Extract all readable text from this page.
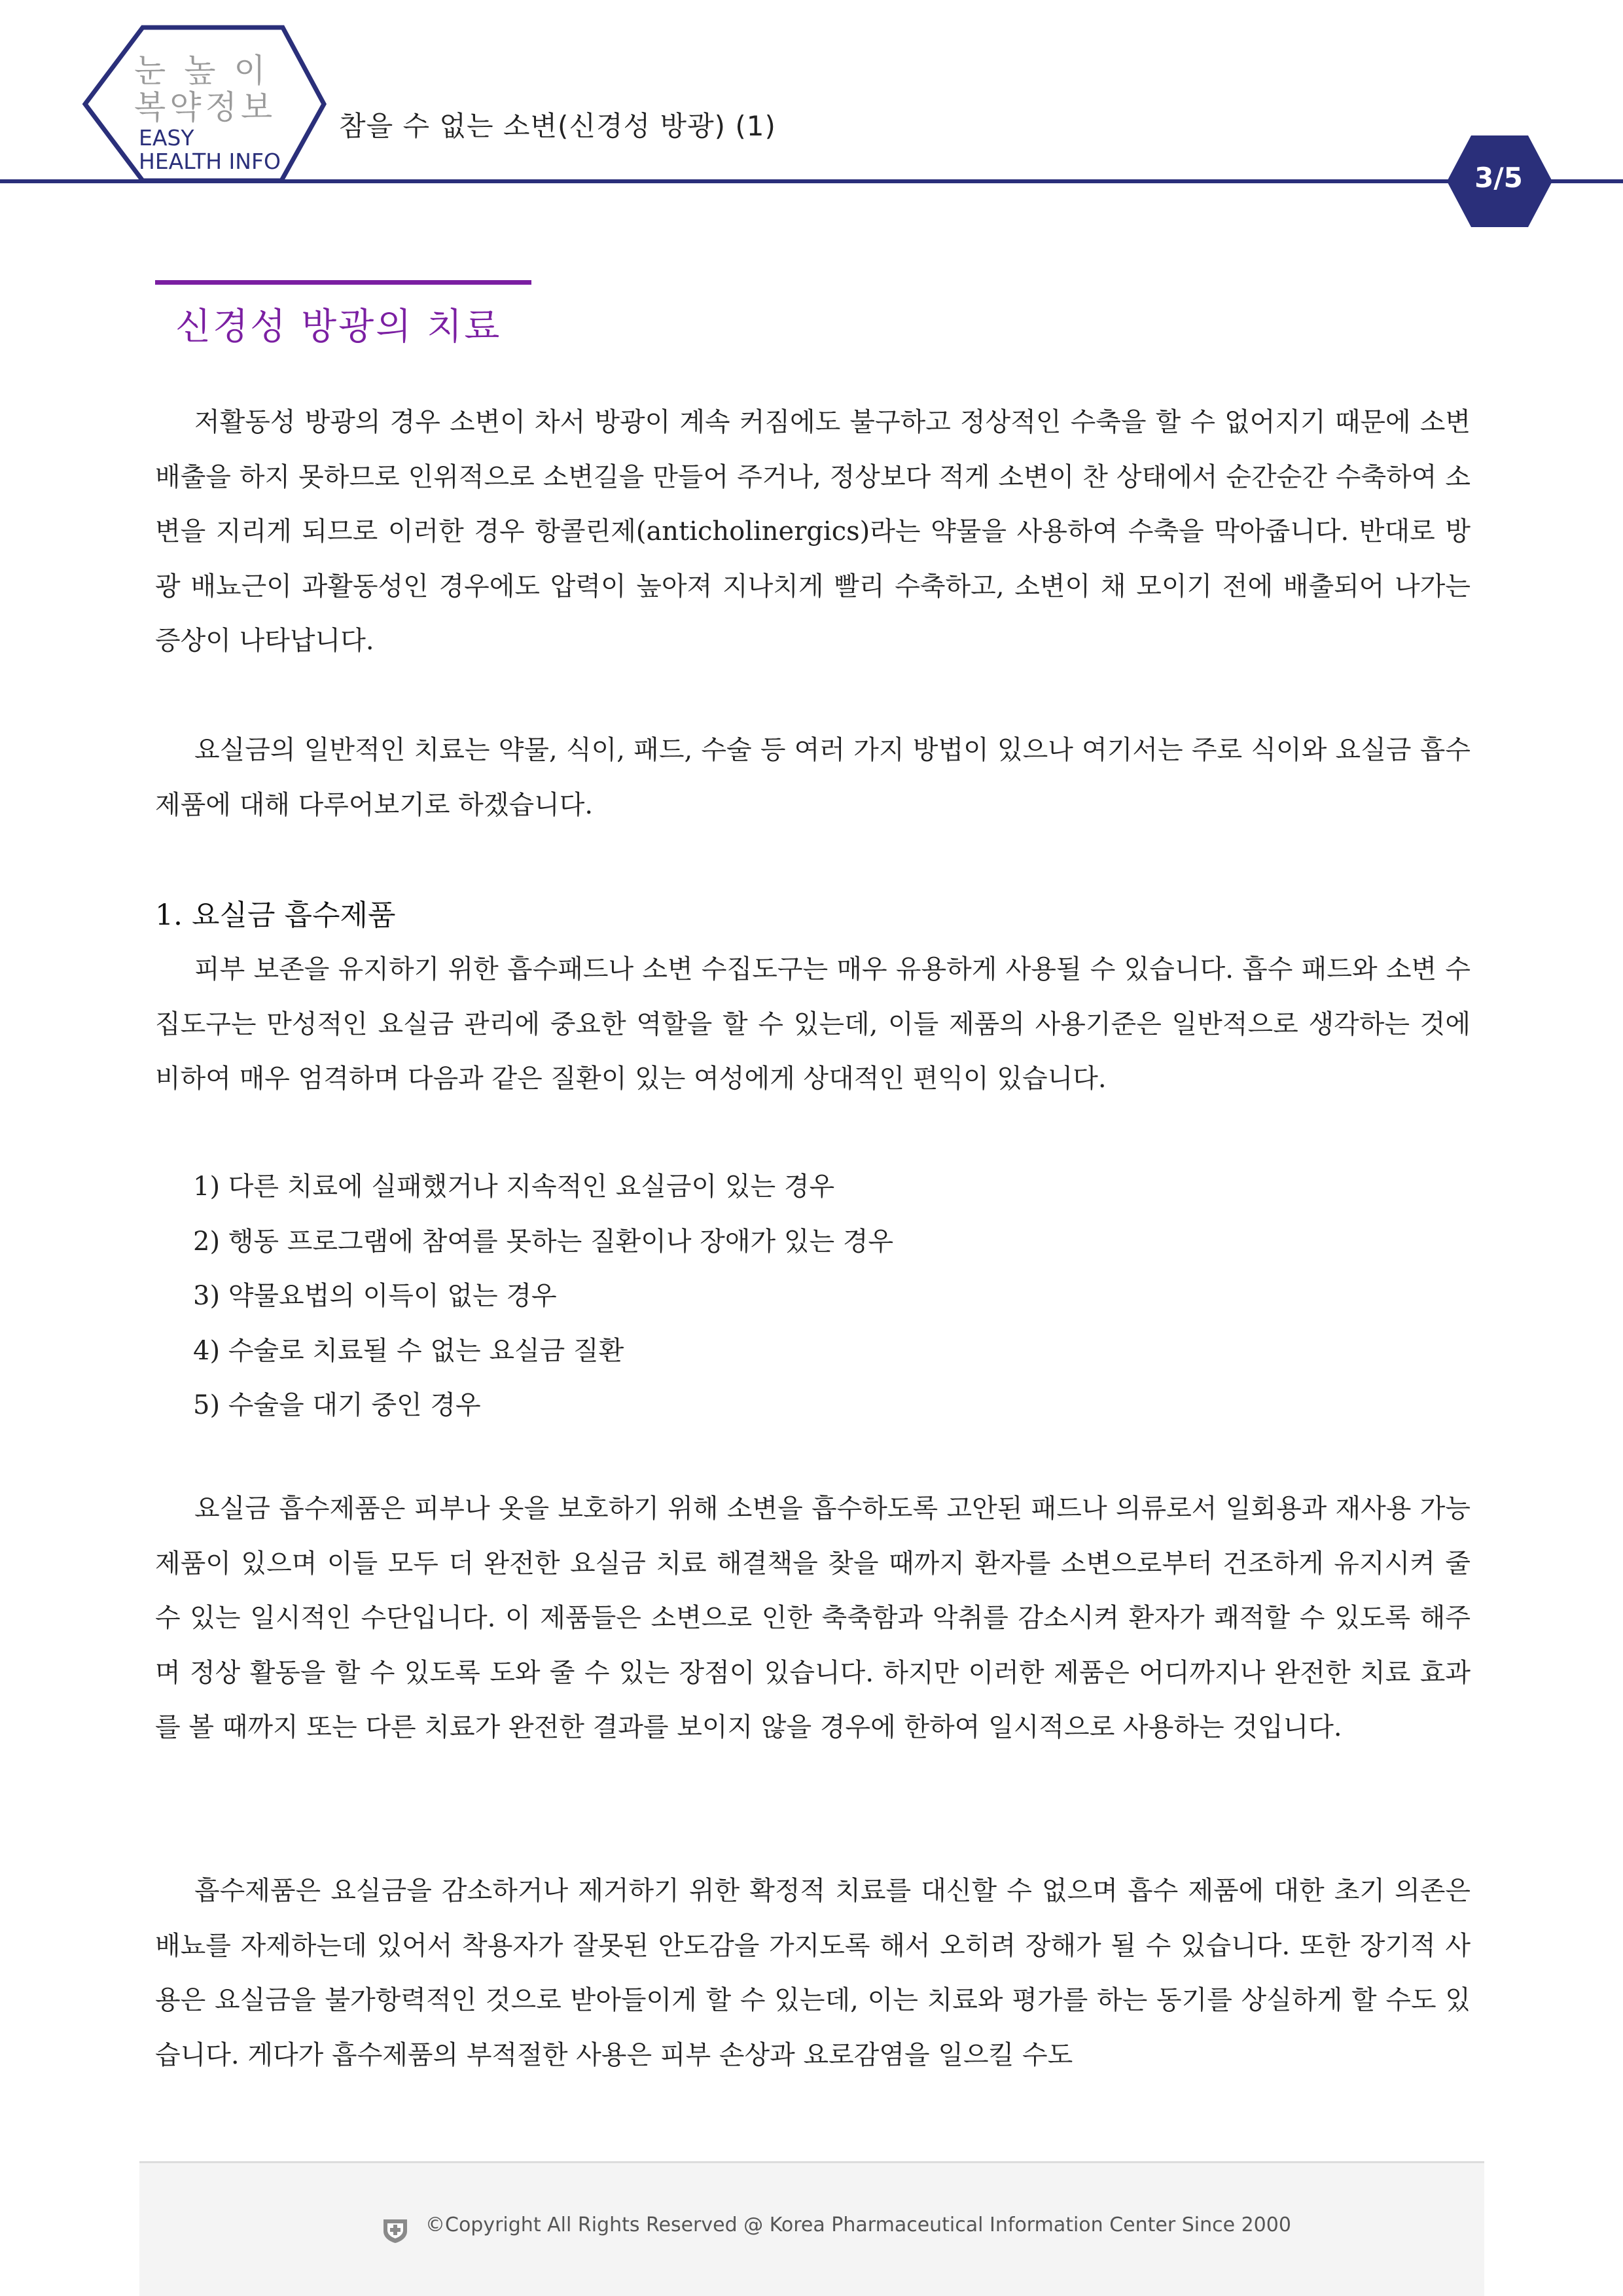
눈 높 이
복약정보
EASY
HEALTH INFO
참을 수 없는 소변(신경성 방광) (1)
3/5
신경성 방광의 치료

저활동성 방광의 경우 소변이 차서 방광이 계속 커짐에도 불구하고 정상적인 수축을 할 수 없어지기 때문에 소변 배출을 하지 못하므로 인위적으로 소변길을 만들어 주거나, 정상보다 적게 소변이 찬 상태에서 순간순간 수축하여 소변을 지리게 되므로 이러한 경우 항콜린제(anticholinergics)라는 약물을 사용하여 수축을 막아줍니다. 반대로 방광 배뇨근이 과활동성인 경우에도 압력이 높아져 지나치게 빨리 수축하고, 소변이 채 모이기 전에 배출되어 나가는 증상이 나타납니다.

요실금의 일반적인 치료는 약물, 식이, 패드, 수술 등 여러 가지 방법이 있으나 여기서는 주로 식이와 요실금 흡수제품에 대해 다루어보기로 하겠습니다.

1. 요실금 흡수제품

피부 보존을 유지하기 위한 흡수패드나 소변 수집도구는 매우 유용하게 사용될 수 있습니다. 흡수 패드와 소변 수집도구는 만성적인 요실금 관리에 중요한 역할을 할 수 있는데, 이들 제품의 사용기준은 일반적으로 생각하는 것에 비하여 매우 엄격하며 다음과 같은 질환이 있는 여성에게 상대적인 편익이 있습니다.

1) 다른 치료에 실패했거나 지속적인 요실금이 있는 경우
2) 행동 프로그램에 참여를 못하는 질환이나 장애가 있는 경우
3) 약물요법의 이득이 없는 경우
4) 수술로 치료될 수 없는 요실금 질환
5) 수술을 대기 중인 경우

요실금 흡수제품은 피부나 옷을 보호하기 위해 소변을 흡수하도록 고안된 패드나 의류로서 일회용과 재사용 가능제품이 있으며 이들 모두 더 완전한 요실금 치료 해결책을 찾을 때까지 환자를 소변으로부터 건조하게 유지시켜 줄 수 있는 일시적인 수단입니다. 이 제품들은 소변으로 인한 축축함과 악취를 감소시켜 환자가 쾌적할 수 있도록 해주며 정상 활동을 할 수 있도록 도와 줄 수 있는 장점이 있습니다. 하지만 이러한 제품은 어디까지나 완전한 치료 효과를 볼 때까지 또는 다른 치료가 완전한 결과를 보이지 않을 경우에 한하여 일시적으로 사용하는 것입니다.

흡수제품은 요실금을 감소하거나 제거하기 위한 확정적 치료를 대신할 수 없으며 흡수 제품에 대한 초기 의존은 배뇨를 자제하는데 있어서 착용자가 잘못된 안도감을 가지도록 해서 오히려 장해가 될 수 있습니다. 또한 장기적 사용은 요실금을 불가항력적인 것으로 받아들이게 할 수 있는데, 이는 치료와 평가를 하는 동기를 상실하게 할 수도 있습니다. 게다가 흡수제품의 부적절한 사용은 피부 손상과 요로감염을 일으킬 수도

©Copyright All Rights Reserved @ Korea Pharmaceutical Information Center Since 2000
